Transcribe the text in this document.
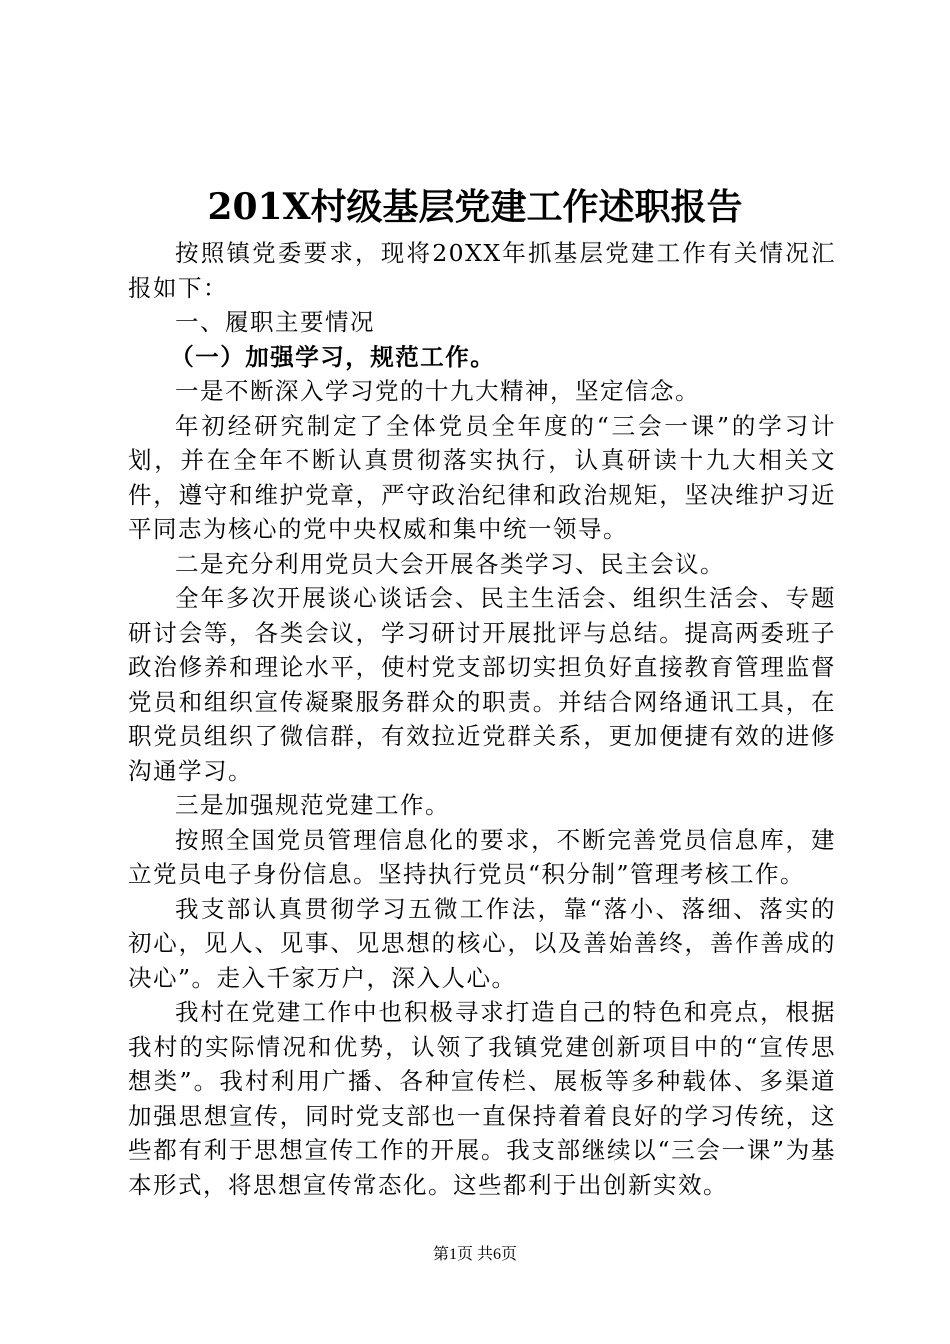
201X村级基层党建工作述职报告

按照镇党委要求，现将20XX年抓基层党建工作有关情况汇报如下：

一、履职主要情况

（一）加强学习，规范工作。

一是不断深入学习党的十九大精神，坚定信念。

年初经研究制定了全体党员全年度的“三会一课”的学习计划，并在全年不断认真贯彻落实执行，认真研读十九大相关文件，遵守和维护党章，严守政治纪律和政治规矩，坚决维护习近平同志为核心的党中央权威和集中统一领导。

二是充分利用党员大会开展各类学习、民主会议。

全年多次开展谈心谈话会、民主生活会、组织生活会、专题研讨会等，各类会议，学习研讨开展批评与总结。提高两委班子政治修养和理论水平，使村党支部切实担负好直接教育管理监督党员和组织宣传凝聚服务群众的职责。并结合网络通讯工具，在职党员组织了微信群，有效拉近党群关系，更加便捷有效的进修沟通学习。

三是加强规范党建工作。

按照全国党员管理信息化的要求，不断完善党员信息库，建立党员电子身份信息。坚持执行党员“积分制”管理考核工作。

我支部认真贯彻学习五微工作法，靠“落小、落细、落实的初心，见人、见事、见思想的核心，以及善始善终，善作善成的决心”。走入千家万户，深入人心。

我村在党建工作中也积极寻求打造自己的特色和亮点，根据我村的实际情况和优势，认领了我镇党建创新项目中的“宣传思想类”。我村利用广播、各种宣传栏、展板等多种载体、多渠道加强思想宣传，同时党支部也一直保持着着良好的学习传统，这些都有利于思想宣传工作的开展。我支部继续以“三会一课”为基本形式，将思想宣传常态化。这些都利于出创新实效。

第1页 共6页
